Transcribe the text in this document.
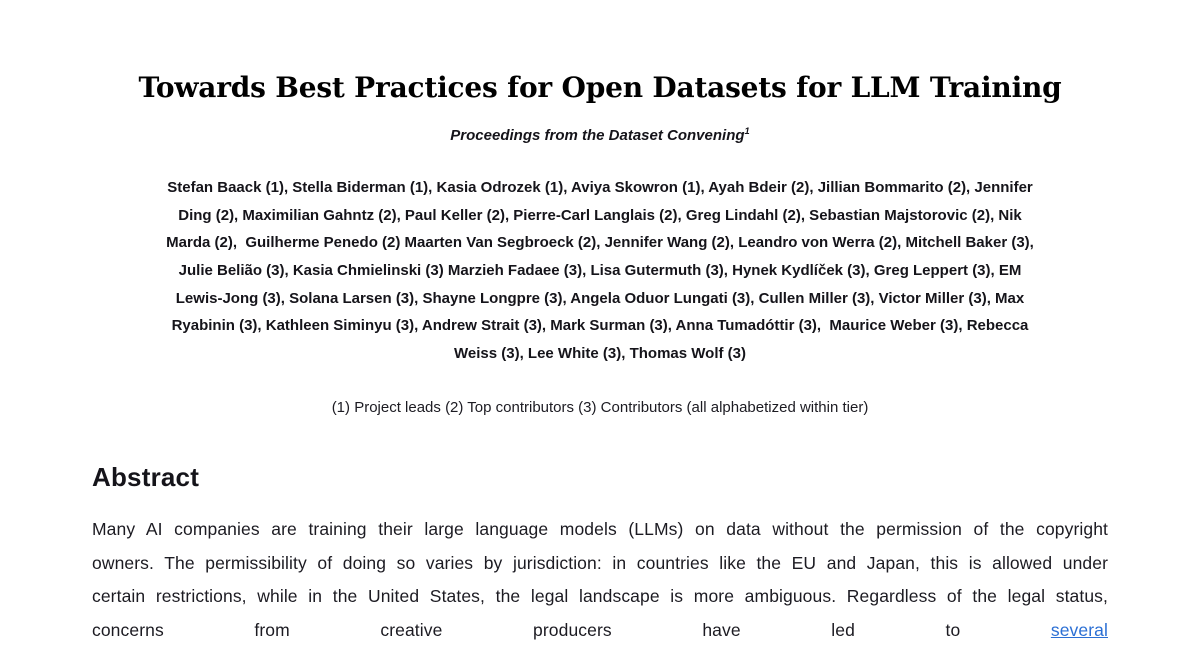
Towards Best Practices for Open Datasets for LLM Training
Proceedings from the Dataset Convening$^1$
Stefan Baack (1), Stella Biderman (1), Kasia Odrozek (1), Aviya Skowron (1), Ayah Bdeir (2), Jillian Bommarito (2), Jennifer
Ding (2), Maximilian Gahntz (2), Paul Keller (2), Pierre-Carl Langlais (2), Greg Lindahl (2), Sebastian Majstorovic (2), Nik
Marda (2),  Guilherme Penedo (2) Maarten Van Segbroeck (2), Jennifer Wang (2), Leandro von Werra (2), Mitchell Baker (3),
Julie Belião (3), Kasia Chmielinski (3) Marzieh Fadaee (3), Lisa Gutermuth (3), Hynek Kydlíček (3), Greg Leppert (3), EM
Lewis-Jong (3), Solana Larsen (3), Shayne Longpre (3), Angela Oduor Lungati (3), Cullen Miller (3), Victor Miller (3), Max
Ryabinin (3), Kathleen Siminyu (3), Andrew Strait (3), Mark Surman (3), Anna Tumadóttir (3),  Maurice Weber (3), Rebecca
Weiss (3), Lee White (3), Thomas Wolf (3)
(1) Project leads (2) Top contributors (3) Contributors (all alphabetized within tier)
Abstract

Many AI companies are training their large language models (LLMs) on data without the permission of the copyright owners. The permissibility of doing so varies by jurisdiction: in countries like the EU and Japan, this is allowed under certain restrictions, while in the United States, the legal landscape is more ambiguous. Regardless of the legal status, concerns from creative producers have led to several
